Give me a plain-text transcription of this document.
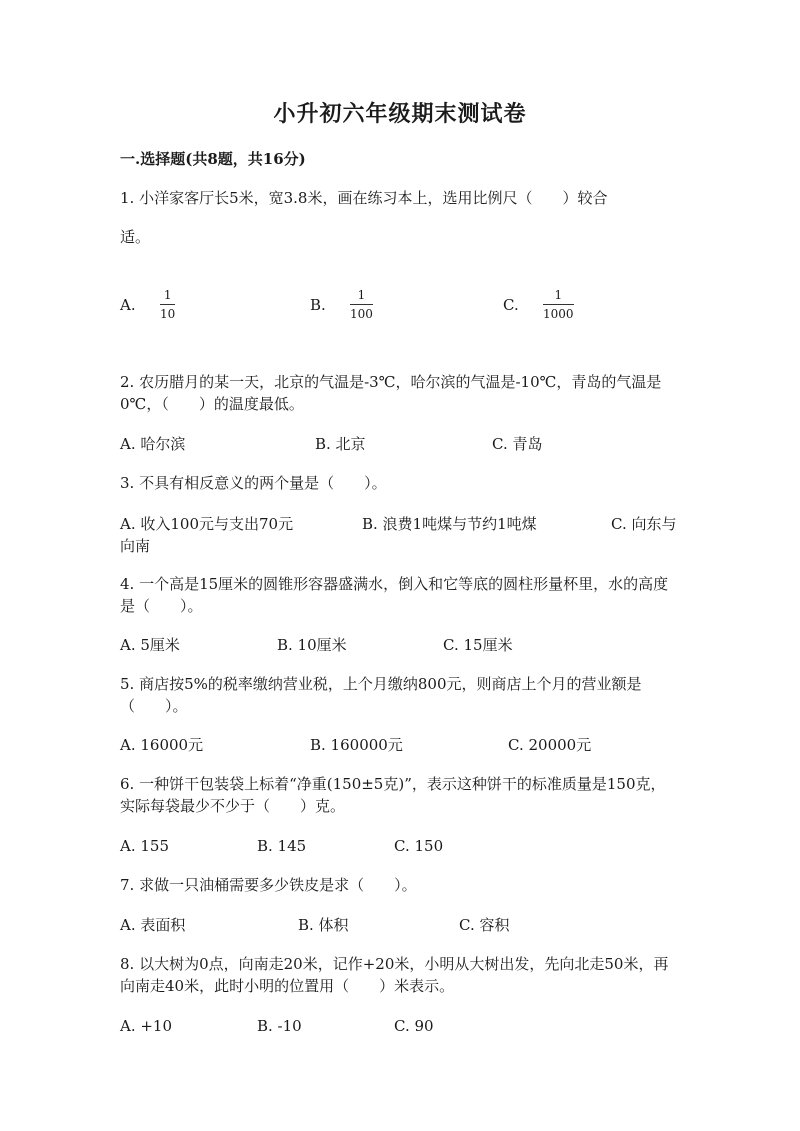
小升初六年级期末测试卷
一.选择题(共8题，共16分)
1. 小洋家客厅长5米，宽3.8米，画在练习本上，选用比例尺（　　）较合
适。
A.
1
10	B.
1
100	C.
1
1000
2. 农历腊月的某一天，北京的气温是-3℃，哈尔滨的气温是-10℃，青岛的气温是0℃，（　　）的温度最低。
A. 哈尔滨	B. 北京	C. 青岛
3. 不具有相反意义的两个量是（　　）。
A. 收入100元与支出70元	B. 浪费1吨煤与节约1吨煤	C. 向东与
向南
4. 一个高是15厘米的圆锥形容器盛满水，倒入和它等底的圆柱形量杯里，水的高度是（　　）。
A. 5厘米	B. 10厘米	C. 15厘米
5. 商店按5%的税率缴纳营业税，上个月缴纳800元，则商店上个月的营业额是（　　）。
A. 16000元	B. 160000元	C. 20000元
6. 一种饼干包装袋上标着“净重(150±5克)”，表示这种饼干的标准质量是150克，实际每袋最少不少于（　　）克。
A. 155	B. 145	C. 150
7. 求做一只油桶需要多少铁皮是求（　　）。
A. 表面积	B. 体积	C. 容积
8. 以大树为0点，向南走20米，记作+20米，小明从大树出发，先向北走50米，再向南走40米，此时小明的位置用（　　）米表示。
A. +10	B. -10	C. 90
